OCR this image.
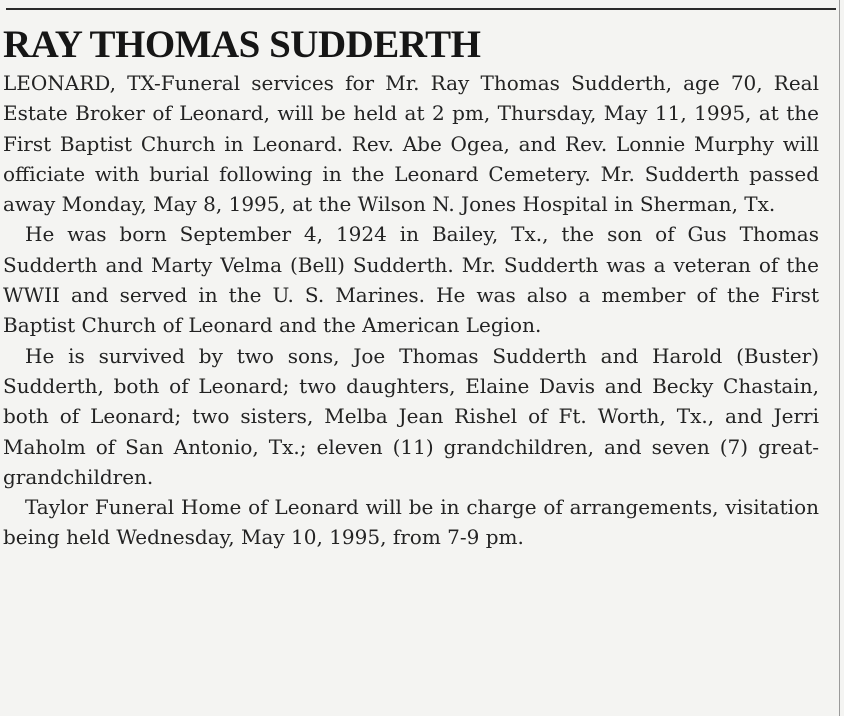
RAY THOMAS SUDDERTH

LEONARD, TX-Funeral services for Mr. Ray Thomas Sudderth, age 70, Real Estate Broker of Leonard, will be held at 2 pm, Thursday, May 11, 1995, at the First Baptist Church in Leonard. Rev. Abe Ogea, and Rev. Lonnie Murphy will officiate with burial following in the Leonard Cemetery. Mr. Sudderth passed away Monday, May 8, 1995, at the Wilson N. Jones Hospital in Sherman, Tx.

He was born September 4, 1924 in Bailey, Tx., the son of Gus Thomas Sudderth and Marty Velma (Bell) Sudderth. Mr. Sudderth was a veteran of the WWII and served in the U. S. Marines. He was also a member of the First Baptist Church of Leonard and the American Legion.

He is survived by two sons, Joe Thomas Sudderth and Harold (Buster) Sudderth, both of Leonard; two daughters, Elaine Davis and Becky Chastain, both of Leonard; two sisters, Melba Jean Rishel of Ft. Worth, Tx., and Jerri Maholm of San Antonio, Tx.; eleven (11) grandchildren, and seven (7) great-grandchildren.

Taylor Funeral Home of Leonard will be in charge of arrangements, visitation being held Wednesday, May 10, 1995, from 7-9 pm.
